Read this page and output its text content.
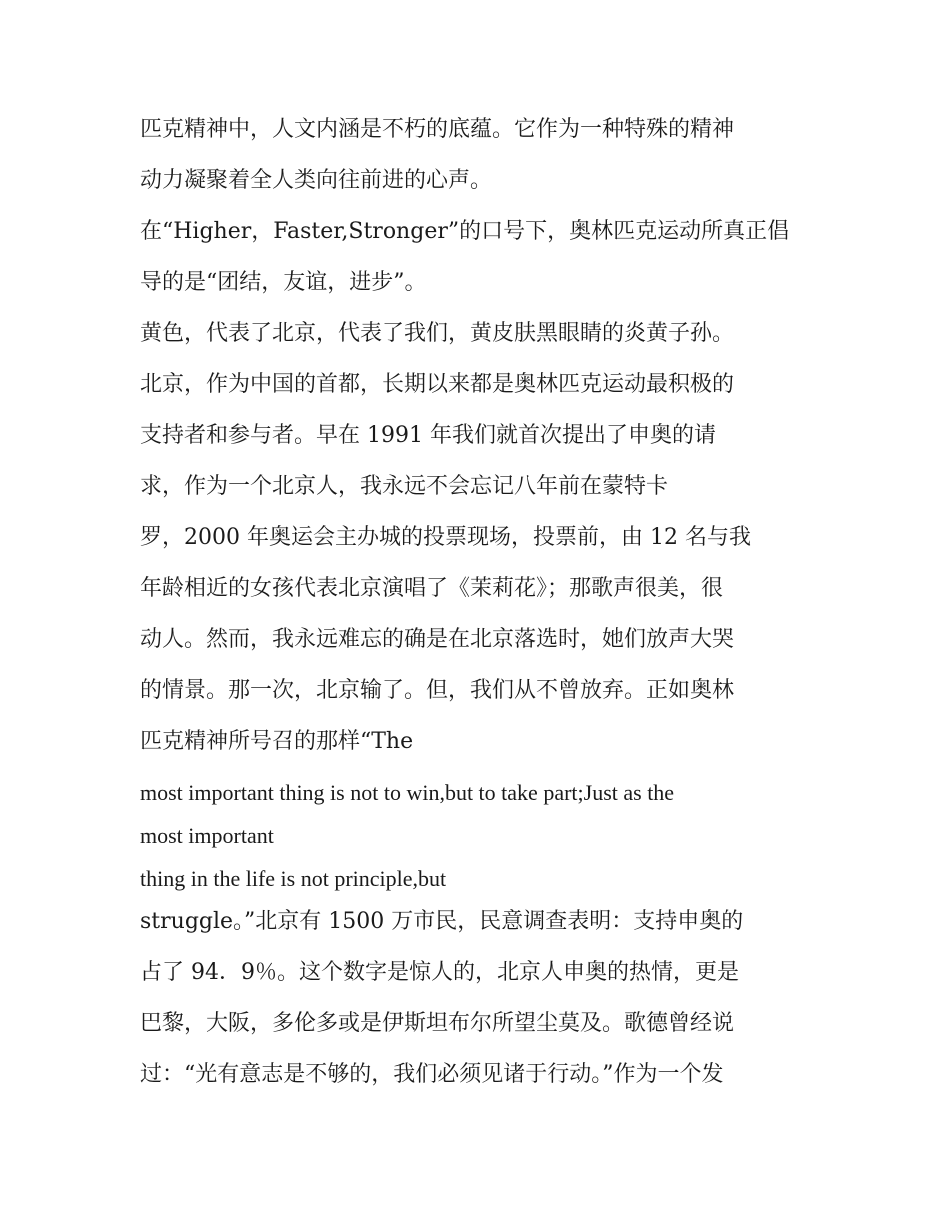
匹克精神中，人文内涵是不朽的底蕴。它作为一种特殊的精神
动力凝聚着全人类向往前进的心声。
在“Higher，Faster,Stronger”的口号下，奥林匹克运动所真正倡
导的是“团结，友谊，进步”。
黄色，代表了北京，代表了我们，黄皮肤黑眼睛的炎黄子孙。
北京，作为中国的首都，长期以来都是奥林匹克运动最积极的
支持者和参与者。早在 1991 年我们就首次提出了申奥的请
求，作为一个北京人，我永远不会忘记八年前在蒙特卡
罗，2000 年奥运会主办城的投票现场，投票前，由 12 名与我
年龄相近的女孩代表北京演唱了《茉莉花》；那歌声很美，很
动人。然而，我永远难忘的确是在北京落选时，她们放声大哭
的情景。那一次，北京输了。但，我们从不曾放弃。正如奥林
匹克精神所号召的那样“The
most important thing is not to win,but to take part;Just as the
most important
thing in the life is not principle,but
struggle。”北京有 1500 万市民，民意调查表明：支持申奥的
占了 94．9％。这个数字是惊人的，北京人申奥的热情，更是
巴黎，大阪，多伦多或是伊斯坦布尔所望尘莫及。歌德曾经说
过：“光有意志是不够的，我们必须见诸于行动。”作为一个发
